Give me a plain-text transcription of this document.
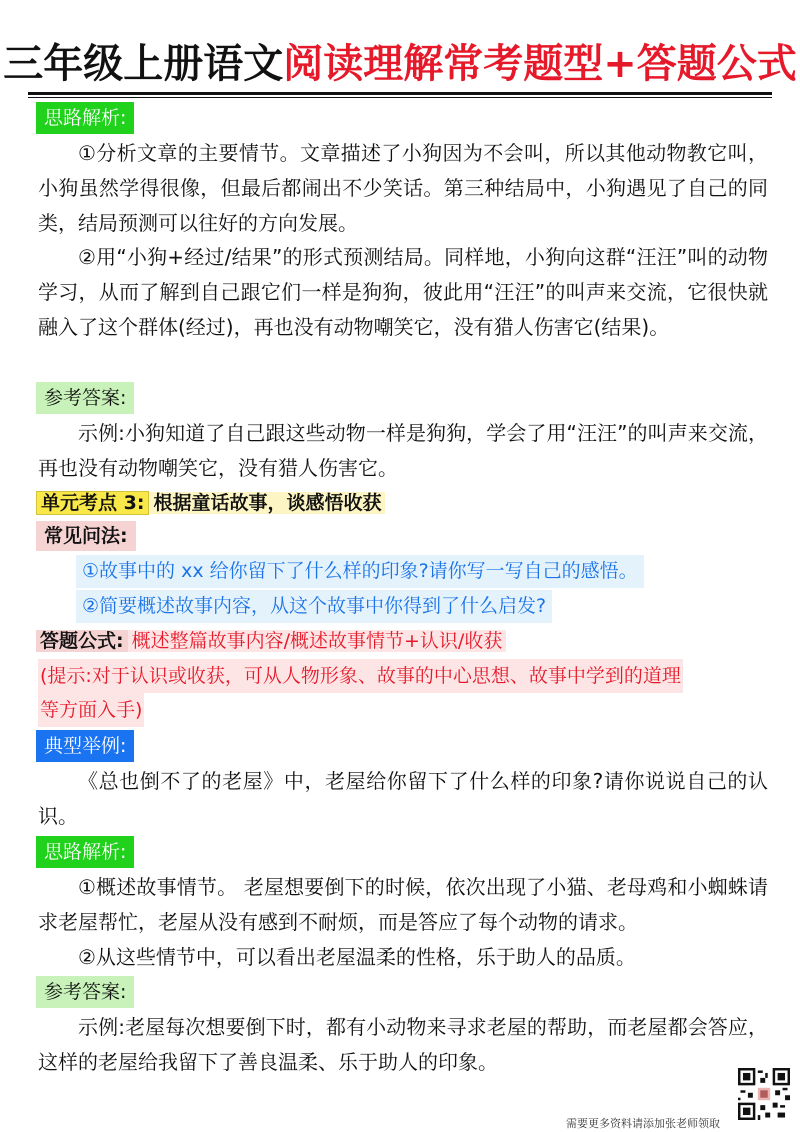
三年级上册语文阅读理解常考题型+答题公式
思路解析:
①分析文章的主要情节。文章描述了小狗因为不会叫，所以其他动物教它叫，小狗虽然学得很像，但最后都闹出不少笑话。第三种结局中，小狗遇见了自己的同类，结局预测可以往好的方向发展。
②用“小狗+经过/结果”的形式预测结局。同样地，小狗向这群“汪汪”叫的动物学习，从而了解到自己跟它们一样是狗狗，彼此用“汪汪”的叫声来交流，它很快就融入了这个群体(经过)，再也没有动物嘲笑它，没有猎人伤害它(结果)。
参考答案:
示例:小狗知道了自己跟这些动物一样是狗狗，学会了用“汪汪”的叫声来交流，再也没有动物嘲笑它，没有猎人伤害它。
单元考点 3: 根据童话故事，谈感悟收获
常见问法:
①故事中的 xx 给你留下了什么样的印象?请你写一写自己的感悟。
②简要概述故事内容，从这个故事中你得到了什么启发?
答题公式: 概述整篇故事内容/概述故事情节+认识/收获
(提示:对于认识或收获，可从人物形象、故事的中心思想、故事中学到的道理
等方面入手)
典型举例:
《总也倒不了的老屋》中，老屋给你留下了什么样的印象?请你说说自己的认识。
思路解析:
①概述故事情节。 老屋想要倒下的时候，依次出现了小猫、老母鸡和小蜘蛛请求老屋帮忙，老屋从没有感到不耐烦，而是答应了每个动物的请求。
②从这些情节中，可以看出老屋温柔的性格，乐于助人的品质。
参考答案:
示例:老屋每次想要倒下时，都有小动物来寻求老屋的帮助，而老屋都会答应，这样的老屋给我留下了善良温柔、乐于助人的印象。
需要更多资料请添加张老师领取
